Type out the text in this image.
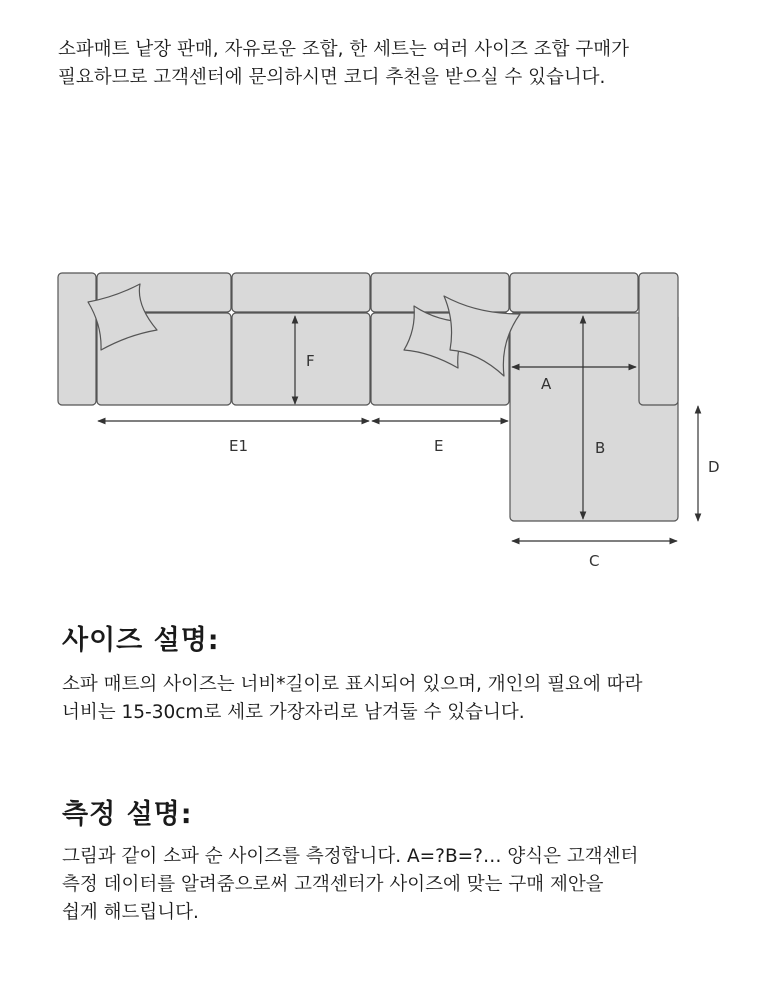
소파매트 낱장 판매, 자유로운 조합, 한 세트는 여러 사이즈 조합 구매가
필요하므로 고객센터에 문의하시면 코디 추천을 받으실 수 있습니다.

F
A
B
E1	E
D
C
사이즈 설명:

소파 매트의 사이즈는 너비*길이로 표시되어 있으며, 개인의 필요에 따라
너비는 15-30cm로 세로 가장자리로 남겨둘 수 있습니다.

측정 설명:

그림과 같이 소파 순 사이즈를 측정합니다. A=?B=?… 양식은 고객센터
측정 데이터를 알려줌으로써 고객센터가 사이즈에 맞는 구매 제안을
쉽게 해드립니다.
